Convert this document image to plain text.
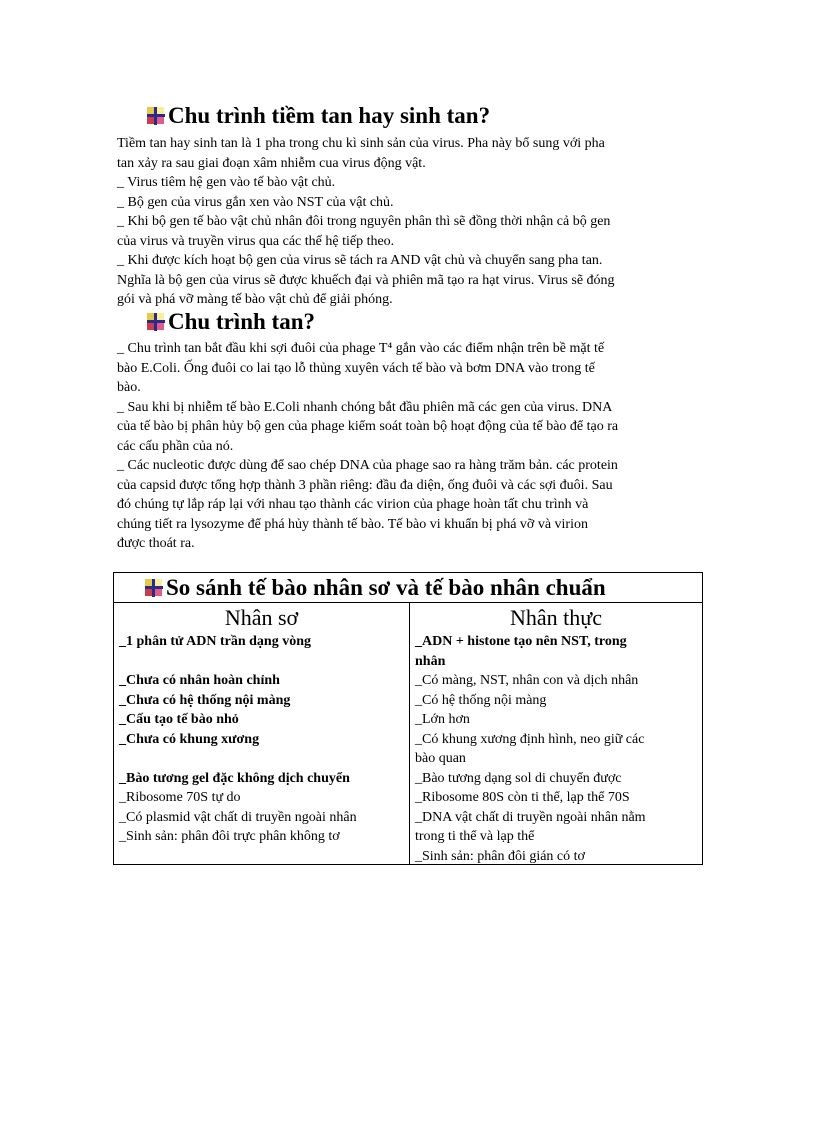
Chu trình tiềm tan hay sinh tan?
Tiềm tan hay sinh tan là 1 pha trong chu kì sinh sản của virus. Pha này bổ sung với pha
tan xảy ra sau giai đoạn xâm nhiễm cua virus động vật.
_ Virus tiêm hệ gen vào tế bào vật chủ.
_ Bộ gen của virus gắn xen vào NST của vật chủ.
_ Khi bộ gen tế bào vật chủ nhân đôi trong nguyên phân thì sẽ đồng thời nhận cả bộ gen
của virus và truyền virus qua các thế hệ tiếp theo.
_ Khi được kích hoạt bộ gen của virus sẽ tách ra AND vật chủ và chuyển sang pha tan.
Nghĩa là bộ gen của virus sẽ được khuếch đại và phiên mã tạo ra hạt virus. Virus sẽ đóng
gói và phá vỡ màng tế bào vật chủ để giải phóng.
Chu trình tan?
_ Chu trình tan bắt đầu khi sợi đuôi của phage T⁴ gắn vào các điểm nhận trên bề mặt tế
bào E.Coli. Ống đuôi co lai tạo lỗ thủng xuyên vách tế bào và bơm DNA vào trong tế
bào.
_ Sau khi bị nhiễm tế bào E.Coli nhanh chóng bắt đầu phiên mã các gen của virus. DNA
của tế bào bị phân hủy bộ gen của phage kiểm soát toàn bộ hoạt động của tế bào để tạo ra
các cấu phần của nó.
_ Các nucleotic được dùng để sao chép DNA của phage sao ra hàng trăm bản. các protein
của capsid được tổng hợp thành 3 phần riêng: đầu đa diện, ống đuôi và các sợi đuôi. Sau
đó chúng tự lắp ráp lại với nhau tạo thành các virion của phage hoàn tất chu trình và
chúng tiết ra lysozyme để phá hủy thành tế bào. Tế bào vi khuẩn bị phá vỡ và virion
được thoát ra.
So sánh tế bào nhân sơ và tế bào nhân chuẩn
Nhân sơ	Nhân thực
_1 phân tử ADN trần dạng vòng
_Chưa có nhân hoàn chỉnh
_Chưa có hệ thống nội màng
_Cấu tạo tế bào nhỏ
_Chưa có khung xương
_Bào tương gel đặc không dịch chuyển
_Ribosome 70S tự do
_Có plasmid vật chất di truyền ngoài nhân
_Sinh sản: phân đôi trực phân không tơ
_ADN + histone tạo nên NST, trong
nhân
_Có màng, NST, nhân con và dịch nhân
_Có hệ thống nội màng
_Lớn hơn
_Có khung xương định hình, neo giữ các
bào quan
_Bào tương dạng sol di chuyển được
_Ribosome 80S còn ti thể, lạp thể 70S
_DNA vật chất di truyền ngoài nhân nằm
trong ti thể và lạp thể
_Sinh sản: phân đôi gián có tơ
